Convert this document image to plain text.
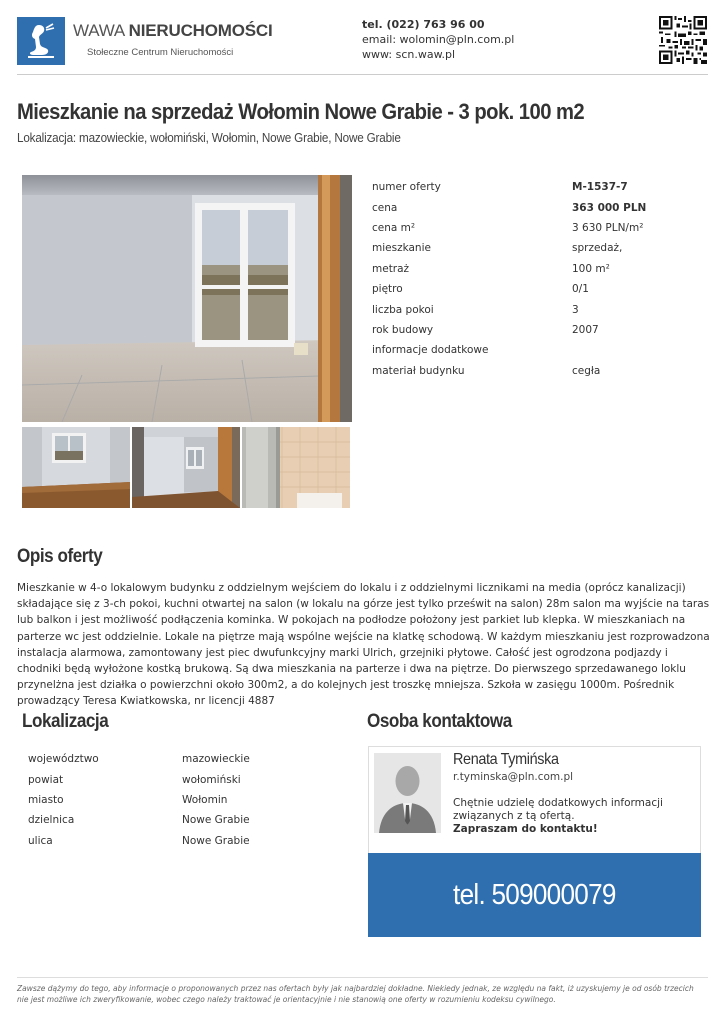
WAWA NIERUCHOMOŚCI
Stołeczne Centrum Nieruchomości
tel. (022) 763 96 00
email: wolomin@pln.com.pl
www: scn.waw.pl
Mieszkanie na sprzedaż Wołomin Nowe Grabie - 3 pok. 100 m2
Lokalizacja: mazowieckie, wołomiński, Wołomin, Nowe Grabie, Nowe Grabie
numer oferty	M-1537-7
cena	363 000 PLN
cena m²	3 630 PLN/m²
mieszkanie	sprzedaż,
metraż	100 m²
piętro	0/1
liczba pokoi	3
rok budowy	2007
informacje dodatkowe
materiał budynku	cegła
Opis oferty

Mieszkanie w 4-o lokalowym budynku z oddzielnym wejściem do lokalu i z oddzielnymi licznikami na media (oprócz kanalizacji) składające się z 3-ch pokoi, kuchni otwartej na salon (w lokalu na górze jest tylko prześwit na salon) 28m salon ma wyjście na taras lub balkon i jest możliwość podłączenia kominka. W pokojach na podłodze położony jest parkiet lub klepka. W mieszkaniach na parterze wc jest oddzielnie. Lokale na piętrze mają wspólne wejście na klatkę schodową. W każdym mieszkaniu jest rozprowadzona instalacja alarmowa, zamontowany jest piec dwufunkcyjny marki Ulrich, grzejniki płytowe. Całość jest ogrodzona podjazdy i chodniki będą wyłożone kostką brukową. Są dwa mieszkania na parterze i dwa na piętrze. Do pierwszego sprzedawanego loklu przynelżna jest działka o powierzchni około 300m2, a do kolejnych jest troszkę mniejsza. Szkoła w zasięgu 1000m. Pośrednik prowadzący Teresa Kwiatkowska, nr licencji 4887

Lokalizacja
województwo	mazowieckie
powiat	wołomiński
miasto	Wołomin
dzielnica	Nowe Grabie
ulica	Nowe Grabie
Osoba kontaktowa
Renata Tymińska
r.tyminska@pln.com.pl
Chętnie udzielę dodatkowych informacji związanych z tą ofertą.
Zapraszam do kontaktu!
tel. 509000079

Zawsze dążymy do tego, aby informacje o proponowanych przez nas ofertach były jak najbardziej dokładne. Niekiedy jednak, ze względu na fakt, iż uzyskujemy je od osób trzecich nie jest możliwe ich zweryfikowanie, wobec czego należy traktować je orientacyjnie i nie stanowią one oferty w rozumieniu kodeksu cywilnego.
